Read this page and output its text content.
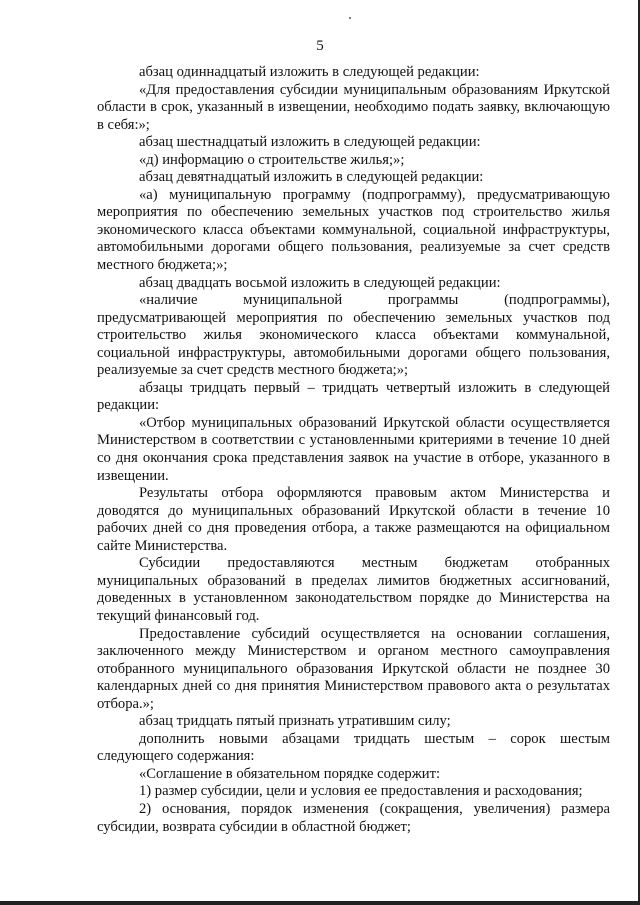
5

абзац одиннадцатый изложить в следующей редакции:

«Для предоставления субсидии муниципальным образованиям Иркутской области в срок, указанный в извещении, необходимо подать заявку, включающую в себя:»;

абзац шестнадцатый изложить в следующей редакции:

«д) информацию о строительстве жилья;»;

абзац девятнадцатый изложить в следующей редакции:

«а) муниципальную программу (подпрограмму), предусматривающую мероприятия по обеспечению земельных участков под строительство жилья экономического класса объектами коммунальной, социальной инфраструктуры, автомобильными дорогами общего пользования, реализуемые за счет средств местного бюджета;»;

абзац двадцать восьмой изложить в следующей редакции:

«наличие муниципальной программы (подпрограммы), предусматривающей мероприятия по обеспечению земельных участков под строительство жилья экономического класса объектами коммунальной, социальной инфраструктуры, автомобильными дорогами общего пользования, реализуемые за счет средств местного бюджета;»;

абзацы тридцать первый – тридцать четвертый изложить в следующей редакции:

«Отбор муниципальных образований Иркутской области осуществляется Министерством в соответствии с установленными критериями в течение 10 дней со дня окончания срока представления заявок на участие в отборе, указанного в извещении.

Результаты отбора оформляются правовым актом Министерства и доводятся до муниципальных образований Иркутской области в течение 10 рабочих дней со дня проведения отбора, а также размещаются на официальном сайте Министерства.

Субсидии предоставляются местным бюджетам отобранных муниципальных образований в пределах лимитов бюджетных ассигнований, доведенных в установленном законодательством порядке до Министерства на текущий финансовый год.

Предоставление субсидий осуществляется на основании соглашения, заключенного между Министерством и органом местного самоуправления отобранного муниципального образования Иркутской области не позднее 30 календарных дней со дня принятия Министерством правового акта о результатах отбора.»;

абзац тридцать пятый признать утратившим силу;

дополнить новыми абзацами тридцать шестым – сорок шестым следующего содержания:

«Соглашение в обязательном порядке содержит:

1) размер субсидии, цели и условия ее предоставления и расходования;

2) основания, порядок изменения (сокращения, увеличения) размера субсидии, возврата субсидии в областной бюджет;
